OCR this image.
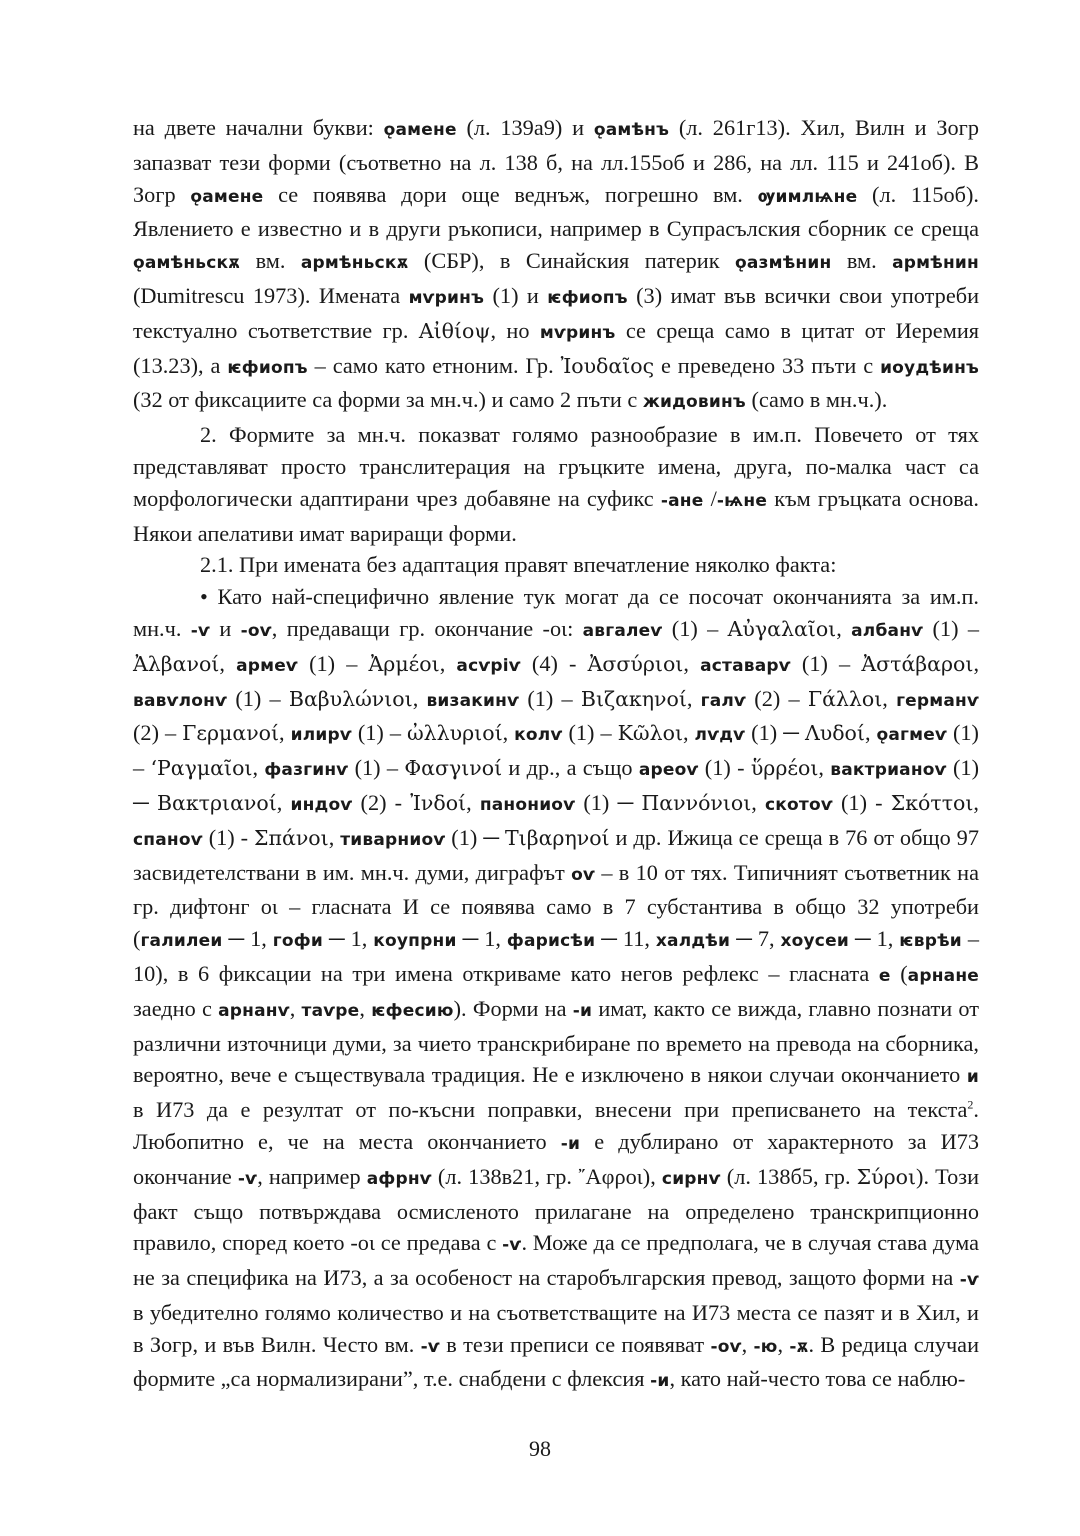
на двете начални букви: ǫамене (л. 139а9) и ǫамѣнъ (л. 261г13). Хил, Вилн и Зогр запазват тези форми (съответно на л. 138 б, на лл.155об и 286, на лл. 115 и 241об). В Зогр ǫамене се появява дори още веднъж, погрешно вм. ѹимлѩне (л. 115об). Явлението е известно и в други ръкописи, например в Супрасълския сборник се среща ǫамѣньскѫ вм. армѣньскѫ (СБР), в Синайския патерик ǫазмѣнин вм. армѣнин (Dumitrescu 1973). Имената мѵринъ (1) и ѥфиопъ (3) имат във всички свои употреби текстуално съответствие гр. Αἰθίοψ, но мѵринъ се среща само в цитат от Иеремия (13.23), а ѥфиопъ – само като етноним. Гр. Ἰουδαῖος е преведено 33 пъти с иоудѣинъ (32 от фиксациите са форми за мн.ч.) и само 2 пъти с жидовинъ (само в мн.ч.).

2. Формите за мн.ч. показват голямо разнообразие в им.п. Повечето от тях представляват просто транслитерация на гръцките имена, друга, по-малка част са морфологически адаптирани чрез добавяне на суфикс -ане /-ѩне към гръцката основа. Някои апелативи имат вариращи форми.

2.1. При имената без адаптация правят впечатление няколко факта:

• Като най-специфично явление тук могат да се посочат окончанията за им.п. мн.ч. -ѵ и -оѵ, предаващи гр. окончание -οι: авгалеѵ (1) – Αὐγαλαῖοι, албанѵ (1) – Ἀλβανοί, армеѵ (1) – Ἀρμέοι, асѵріѵ (4) - Ἀσσύριοι, аставарѵ (1) – Ἀστάβαροι, вавѵлонѵ (1) – Βαβυλώνιοι, визакинѵ (1) – Βιζακηνοί, галѵ (2) – Γάλλοι, германѵ (2) – Γερμανοί, илирѵ (1) – ὠλλυριοί, колѵ (1) – Kῶλοι, лѵдѵ (1) ─ Λυδοί, ǫагмеѵ (1) – ‘Ραγμαῖοι, фазгинѵ (1) – Φασγινοί и др., а също ареоѵ (1) - ὕρρέοι, вактрианоѵ (1) ─ Βακτριανοί, индоѵ (2) - Ἰνδοί, панониоѵ (1) ─ Παννόνιοι, скотоѵ (1) - Σκόττοι, спаноѵ (1) - Σπάνοι, тиварниоѵ (1) ─ Τιβαρηνοί и др. Ижица се среща в 76 от общо 97 засвидетелствани в им. мн.ч. думи, диграфът оѵ – в 10 от тях. Типичният съответник на гр. дифтонг οι – гласната И се появява само в 7 субстантива в общо 32 употреби (галилеи ─ 1, гофи ─ 1, коупрни ─ 1, фарисѣи ─ 11, халдѣи ─ 7, хоусеи ─ 1, ѥврѣи – 10), в 6 фиксации на три имена откриваме като негов рефлекс – гласната е (арнане заедно с арнанѵ, таѵре, ѥфесию). Форми на -и имат, както се вижда, главно познати от различни източници думи, за чието транскрибиране по времето на превода на сборника, вероятно, вече е съществувала традиция. Не е изключено в някои случаи окончанието и в И73 да е резултат от по-късни поправки, внесени при преписването на текста$^2$. Любопитно е, че на места окончанието -и е дублирано от характерното за И73 окончание -ѵ, например афрнѵ (л. 138в21, гр. ῎Αφροι), сирнѵ (л. 138б5, гр. Σύροι). Този факт също потвърждава осмисленото прилагане на определено транскрипционно правило, според което -οι се предава с -ѵ. Може да се предполага, че в случая става дума не за специфика на И73, а за особеност на старобългарския превод, защото форми на -ѵ в убедително голямо количество и на съответстващите на И73 места се пазят и в Хил, и в Зогр, и във Вилн. Често вм. -ѵ в тези преписи се появяват -оѵ, -ю, -ѫ. В редица случаи формите „са нормализирани”, т.е. снабдени с флексия -и, като най-често това се наблю-

98
